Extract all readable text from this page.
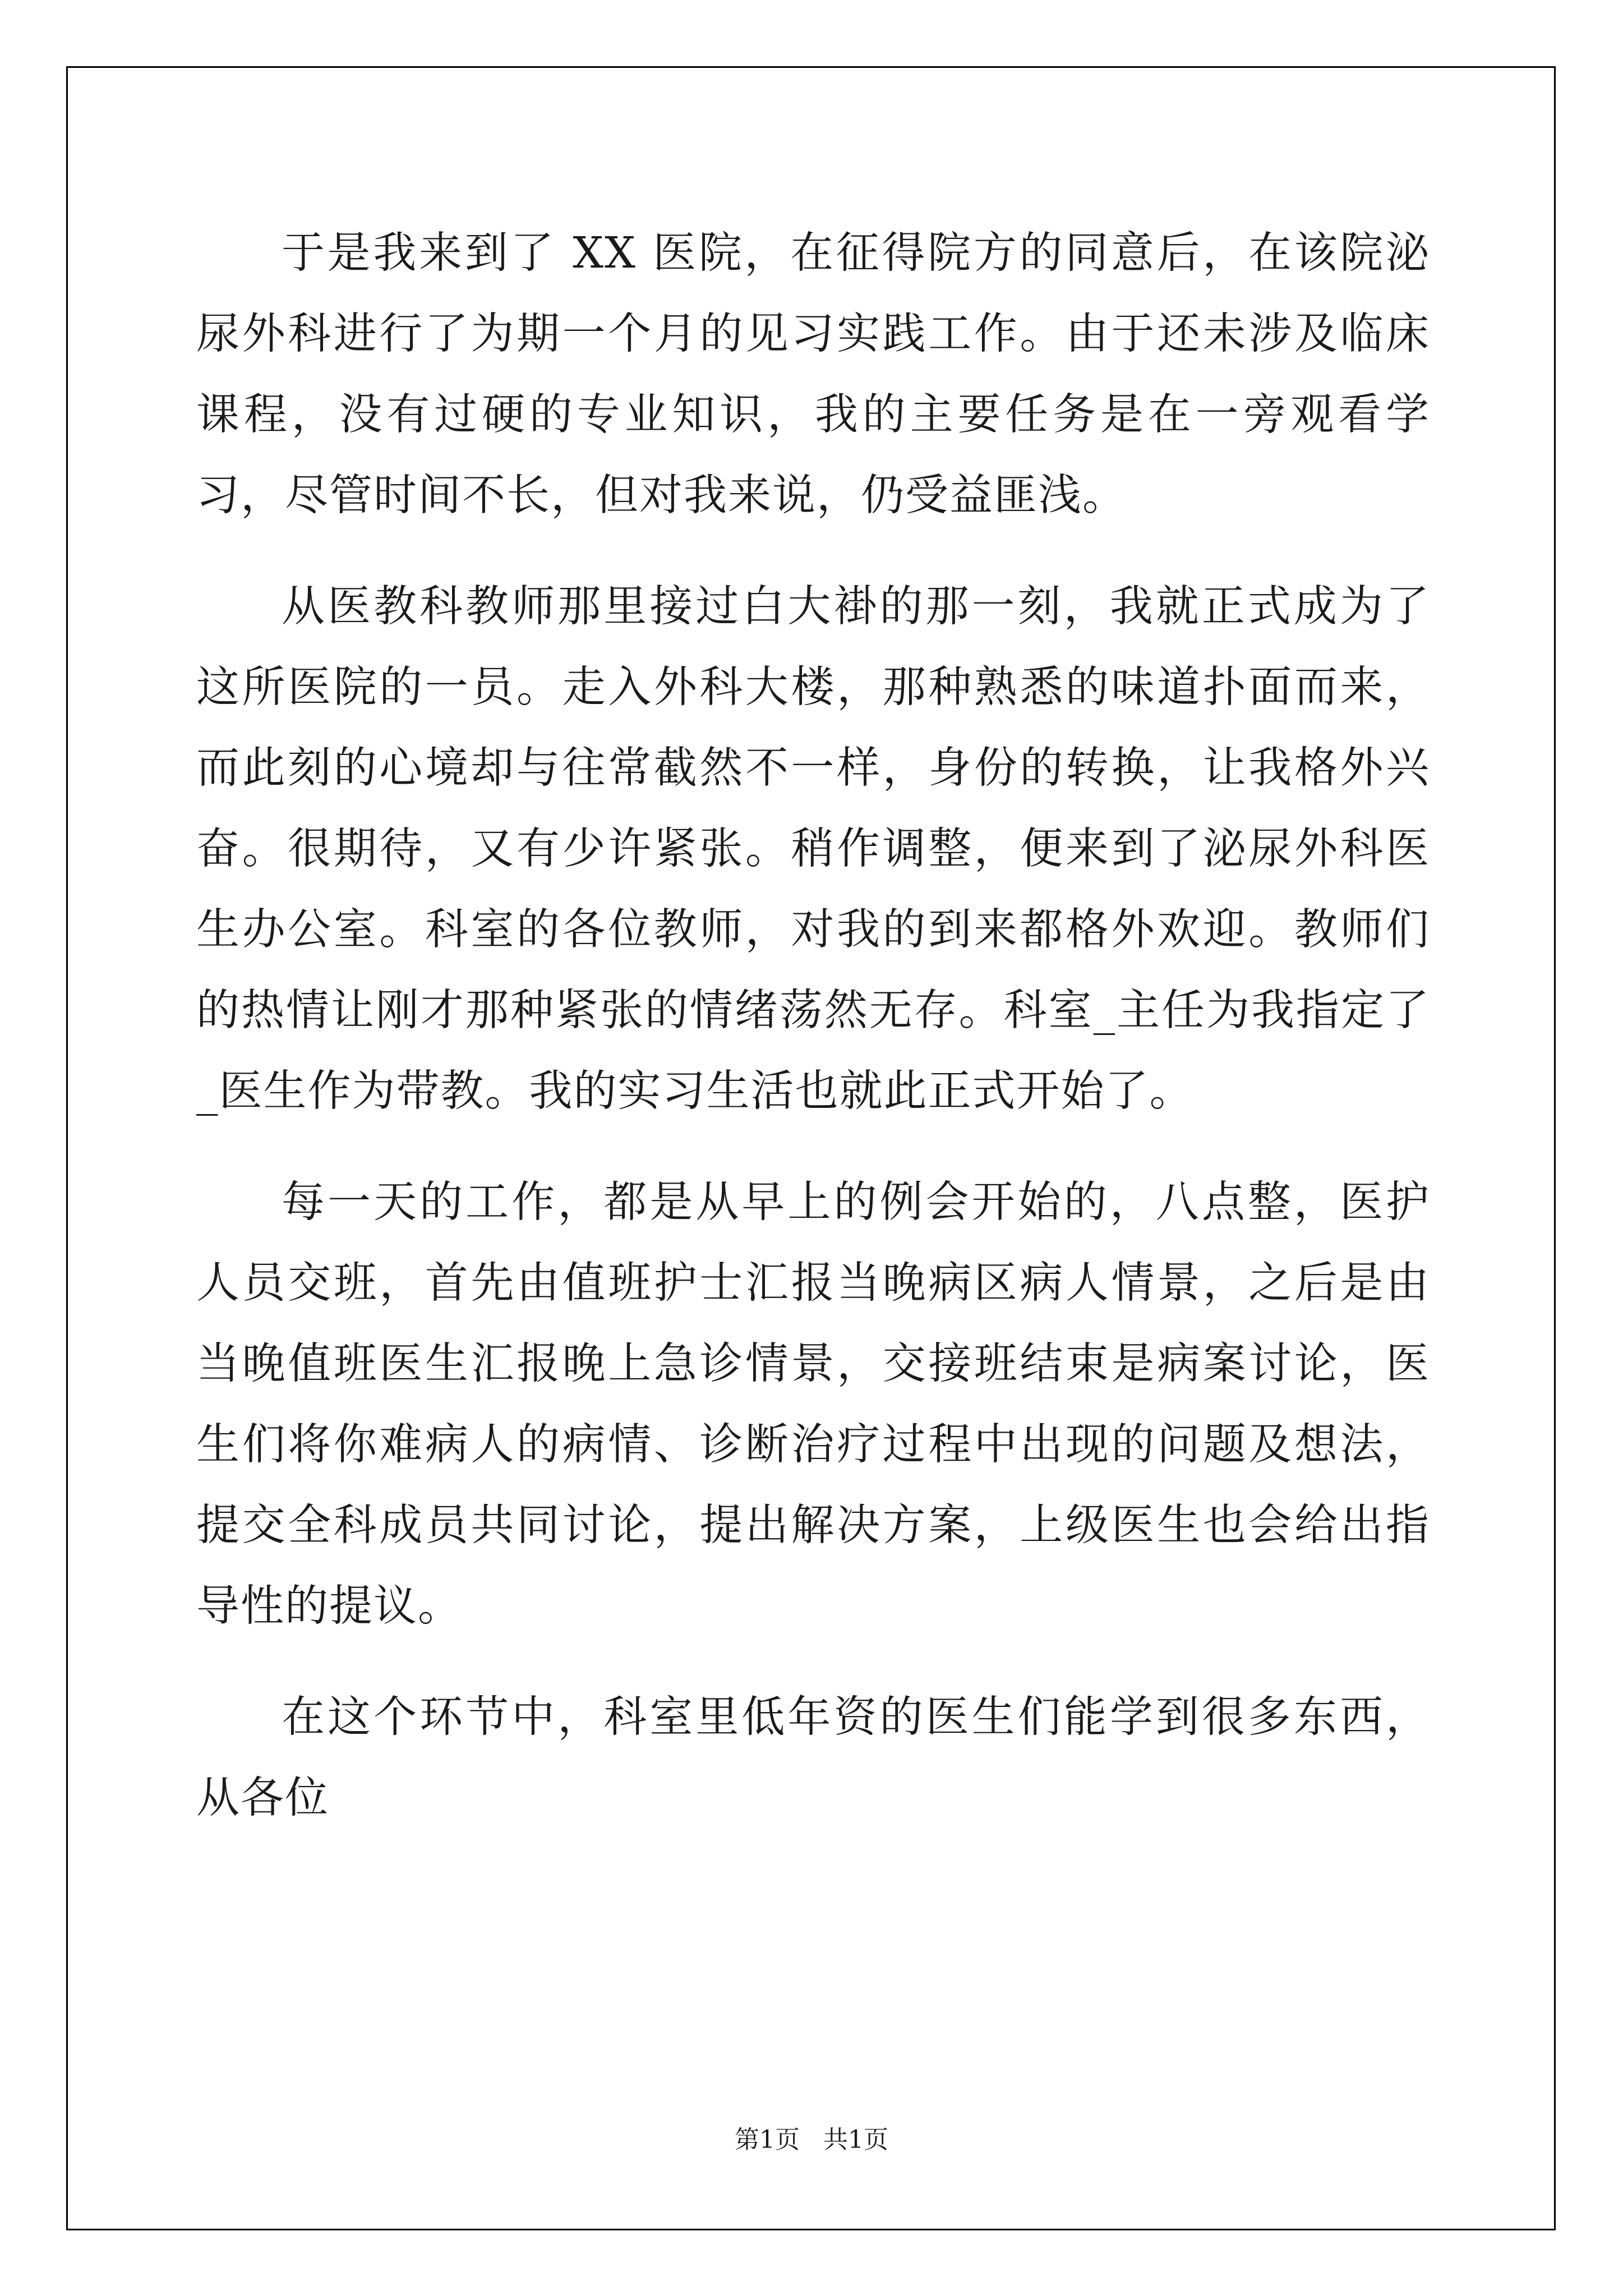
于是我来到了 XX 医院，在征得院方的同意后，在该院泌尿外科进行了为期一个月的见习实践工作。由于还未涉及临床课程，没有过硬的专业知识，我的主要任务是在一旁观看学习，尽管时间不长，但对我来说，仍受益匪浅。

从医教科教师那里接过白大褂的那一刻，我就正式成为了这所医院的一员。走入外科大楼，那种熟悉的味道扑面而来，而此刻的心境却与往常截然不一样，身份的转换，让我格外兴奋。很期待，又有少许紧张。稍作调整，便来到了泌尿外科医生办公室。科室的各位教师，对我的到来都格外欢迎。教师们的热情让刚才那种紧张的情绪荡然无存。科室_主任为我指定了_医生作为带教。我的实习生活也就此正式开始了。

每一天的工作，都是从早上的例会开始的，八点整，医护人员交班，首先由值班护士汇报当晚病区病人情景，之后是由当晚值班医生汇报晚上急诊情景，交接班结束是病案讨论，医生们将你难病人的病情、诊断治疗过程中出现的问题及想法，提交全科成员共同讨论，提出解决方案，上级医生也会给出指导性的提议。

在这个环节中，科室里低年资的医生们能学到很多东西，从各位

第1页   共1页
